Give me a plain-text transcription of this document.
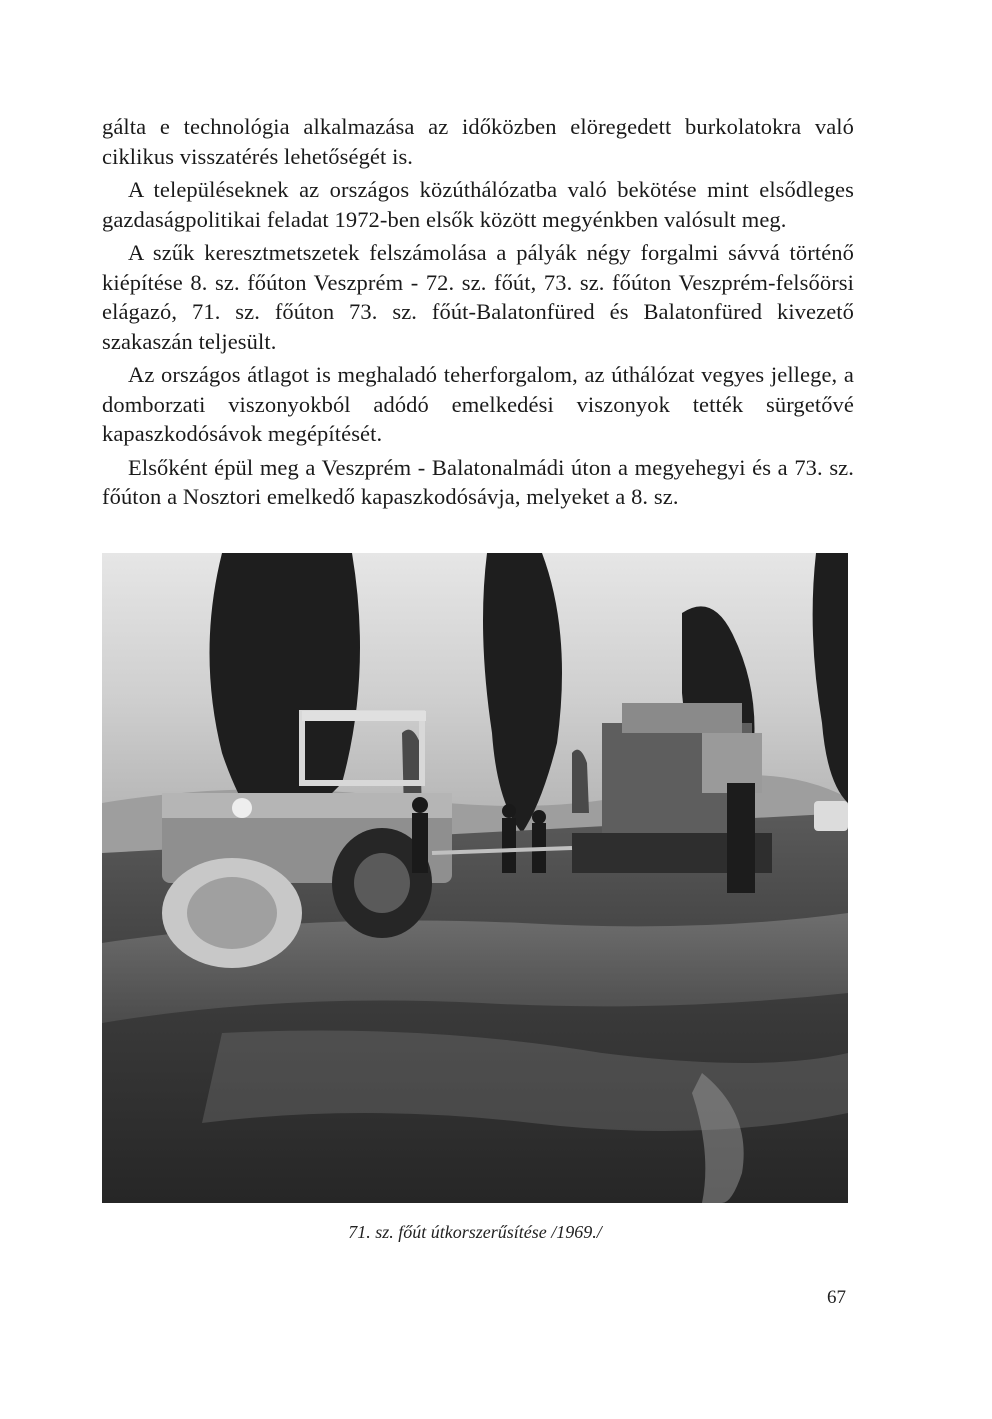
gálta e technológia alkalmazása az időközben elöregedett burkolatokra való ciklikus visszatérés lehetőségét is.

A településeknek az országos közúthálózatba való bekötése mint elsődleges gazdaságpolitikai feladat 1972-ben elsők között megyénkben valósult meg.

A szűk keresztmetszetek felszámolása a pályák négy forgalmi sávvá történő kiépítése 8. sz. főúton Veszprém - 72. sz. főút, 73. sz. főúton Veszprém-felsőörsi elágazó, 71. sz. főúton 73. sz. főút-Balatonfüred és Balatonfüred kivezető szakaszán teljesült.

Az országos átlagot is meghaladó teherforgalom, az úthálózat vegyes jellege, a domborzati viszonyokból adódó emelkedési viszonyok tették sürgetővé kapaszkodósávok megépítését.

Elsőként épül meg a Veszprém - Balatonalmádi úton a megyehegyi és a 73. sz. főúton a Nosztori emelkedő kapaszkodósávja, melyeket a 8. sz.

71. sz. főút útkorszerűsítése /1969./
67
